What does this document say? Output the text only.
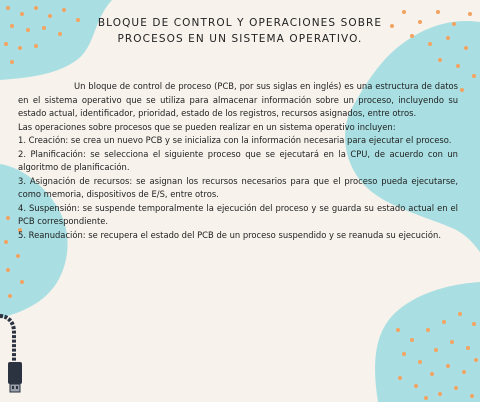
BLOQUE DE CONTROL Y OPERACIONES SOBRE
PROCESOS EN UN SISTEMA OPERATIVO.

Un bloque de control de proceso (PCB, por sus siglas en inglés) es una estructura de datos en el sistema operativo que se utiliza para almacenar información sobre un proceso, incluyendo su estado actual, identificador, prioridad, estado de los registros, recursos asignados, entre otros.

Las operaciones sobre procesos que se pueden realizar en un sistema operativo incluyen:

1. Creación: se crea un nuevo PCB y se inicializa con la información necesaria para ejecutar el proceso.

2. Planificación: se selecciona el siguiente proceso que se ejecutará en la CPU, de acuerdo con un algoritmo de planificación.

3. Asignación de recursos: se asignan los recursos necesarios para que el proceso pueda ejecutarse, como memoria, dispositivos de E/S, entre otros.

4. Suspensión: se suspende temporalmente la ejecución del proceso y se guarda su estado actual en el PCB correspondiente.

5. Reanudación: se recupera el estado del PCB de un proceso suspendido y se reanuda su ejecución.
